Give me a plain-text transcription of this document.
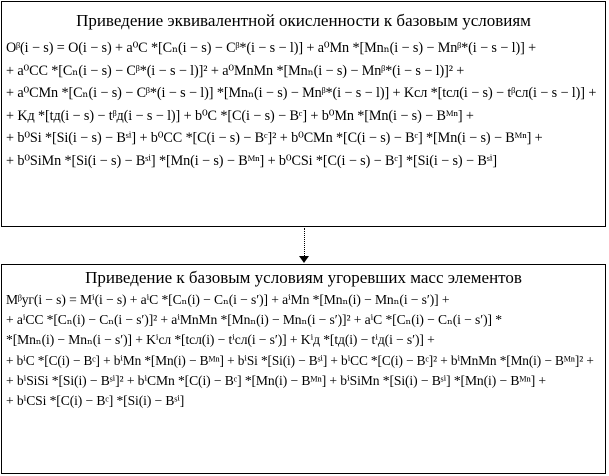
Приведение эквивалентной окисленности к базовым условиям
Oᵝ(i − s) = O(i − s) + a⁰C *[Cₙ(i − s) − Cᵝ*(i − s − l)] + a⁰Mn *[Mnₙ(i − s) − Mnᵝ*(i − s − l)] +
+ a⁰CC *[Cₙ(i − s) − Cᵝ*(i − s − l)]² + a⁰MnMn *[Mnₙ(i − s) − Mnᵝ*(i − s − l)]² +
+ a⁰CMn *[Cₙ(i − s) − Cᵝ*(i − s − l)] *[Mnₙ(i − s) − Mnᵝ*(i − s − l)] + Kсл *[tсл(i − s) − tᵝсл(i − s − l)] +
+ Kд *[tд(i − s) − tᵝд(i − s − l)] + b⁰C *[C(i − s) − Bᶜ] + b⁰Mn *[Mn(i − s) − Bᴹⁿ] +
+ b⁰Si *[Si(i − s) − Bˢⁱ] + b⁰CC *[C(i − s) − Bᶜ]² + b⁰CMn *[C(i − s) − Bᶜ] *[Mn(i − s) − Bᴹⁿ] +
+ b⁰SiMn *[Si(i − s) − Bˢⁱ] *[Mn(i − s) − Bᴹⁿ] + b⁰CSi *[C(i − s) − Bᶜ] *[Si(i − s) − Bˢⁱ]
Приведение к базовым условиям угоревших масс элементов
Mᵝуг(i − s) = Mⁱ(i − s) + aⁱC *[Cₙ(i) − Cₙ(i − s′)] + aⁱMn *[Mnₙ(i) − Mnₙ(i − s′)] +
+ aⁱCC *[Cₙ(i) − Cₙ(i − s′)]² + aⁱMnMn *[Mnₙ(i) − Mnₙ(i − s′)]² + aⁱC *[Cₙ(i) − Cₙ(i − s′)] *
*[Mnₙ(i) − Mnₙ(i − s′)] + Kⁱсл *[tсл(i) − tⁱсл(i − s′)] + Kⁱд *[tд(i) − tⁱд(i − s′)] +
+ bⁱC *[C(i) − Bᶜ] + bⁱMn *[Mn(i) − Bᴹⁿ] + bⁱSi *[Si(i) − Bˢⁱ] + bⁱCC *[C(i) − Bᶜ]² + bⁱMnMn *[Mn(i) − Bᴹⁿ]² +
+ bⁱSiSi *[Si(i) − Bˢⁱ]² + bⁱCMn *[C(i) − Bᶜ] *[Mn(i) − Bᴹⁿ] + bⁱSiMn *[Si(i) − Bˢⁱ] *[Mn(i) − Bᴹⁿ] +
+ bⁱCSi *[C(i) − Bᶜ] *[Si(i) − Bˢⁱ]
